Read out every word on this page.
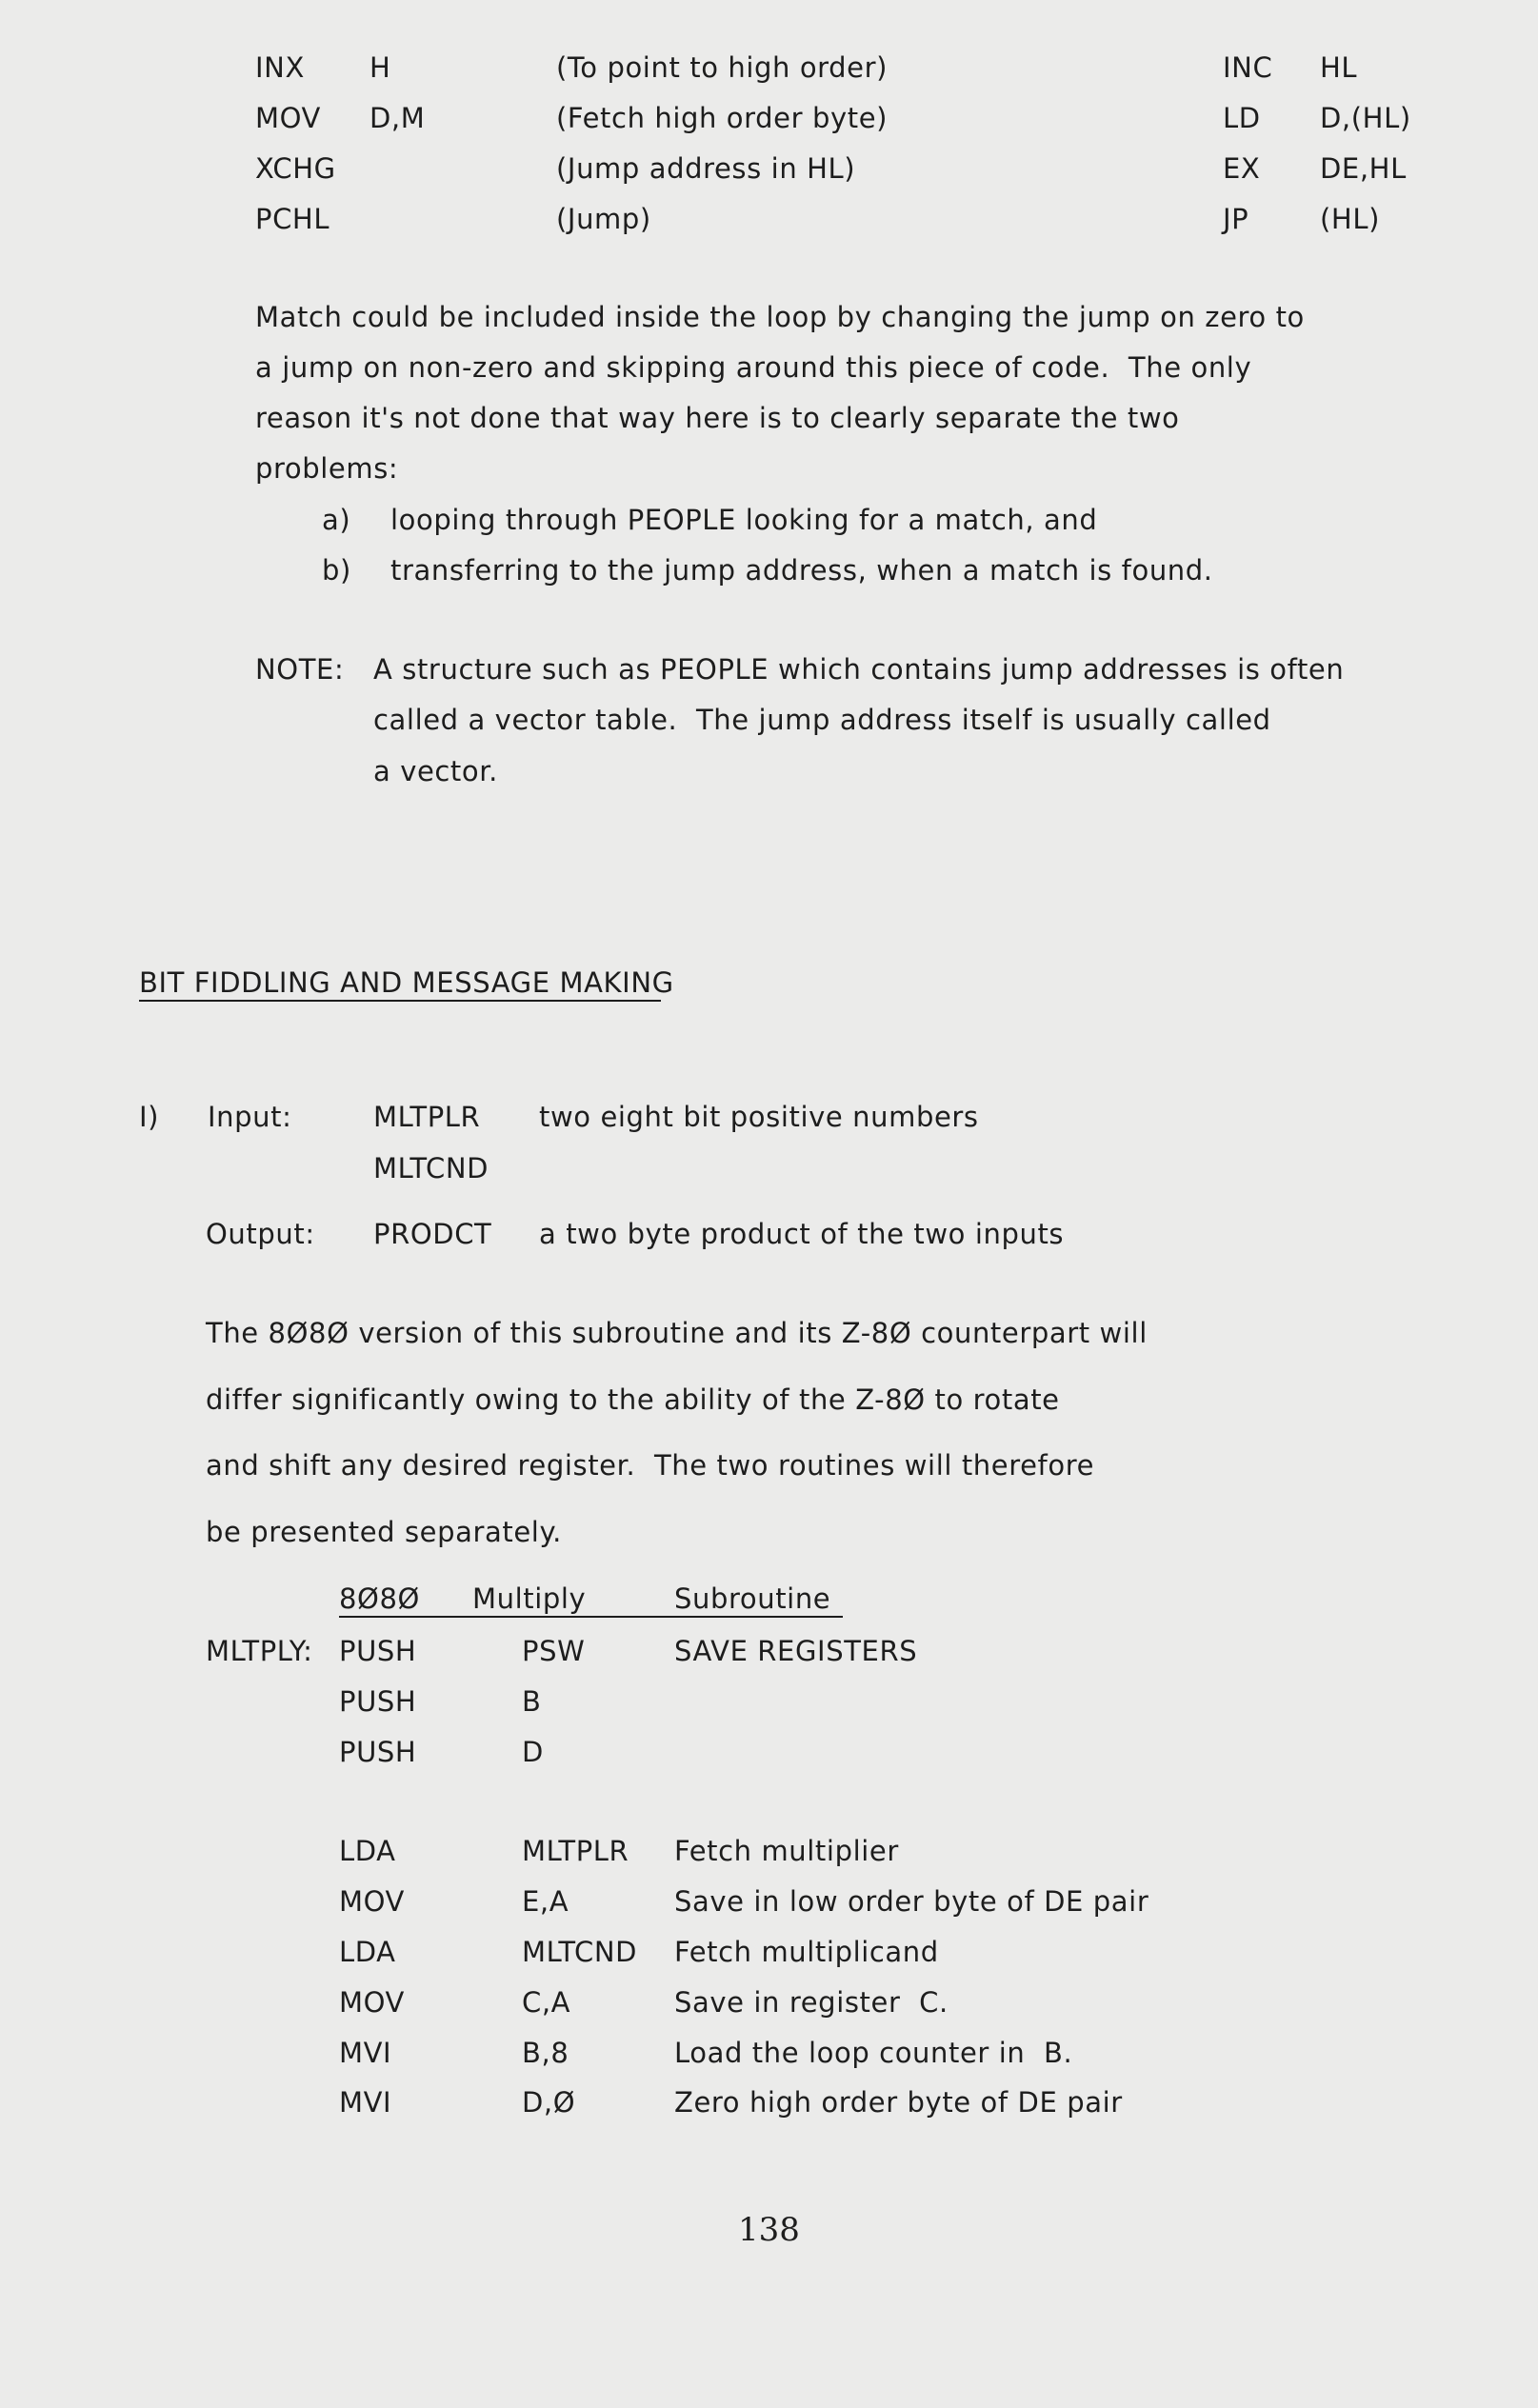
INX H	(To point to high order)	INC HL
MOV D,M	(Fetch high order byte)	LD D,(HL)
XCHG	(Jump address in HL)	EX DE,HL
PCHL	(Jump)	JP	(HL)
Match could be included inside the loop by changing the jump on zero to
a jump on non-zero and skipping around this piece of code.  The only
reason it's not done that way here is to clearly separate the two
problems:
a) looping through PEOPLE looking for a match, and
b) transferring to the jump address, when a match is found.
NOTE: A structure such as PEOPLE which contains jump addresses is often
called a vector table.  The jump address itself is usually called
a vector.
BIT FIDDLING AND MESSAGE MAKING
I) Input:	MLTPLR two eight bit positive numbers
MLTCND
Output: PRODCT a two byte product of the two inputs
The 8Ø8Ø version of this subroutine and its Z-8Ø counterpart will
differ significantly owing to the ability of the Z-8Ø to rotate
and shift any desired register.  The two routines will therefore
be presented separately.
8Ø8Ø Multiply	Subroutine
MLTPLY: PUSH	PSW	SAVE REGISTERS
PUSH	B
PUSH	D
LDA	MLTPLR Fetch multiplier
MOV	E,A	Save in low order byte of DE pair
LDA	MLTCND Fetch multiplicand
MOV	C,A	Save in register  C.
MVI	B,8	Load the loop counter in  B.
MVI	D,Ø	Zero high order byte of DE pair
138
